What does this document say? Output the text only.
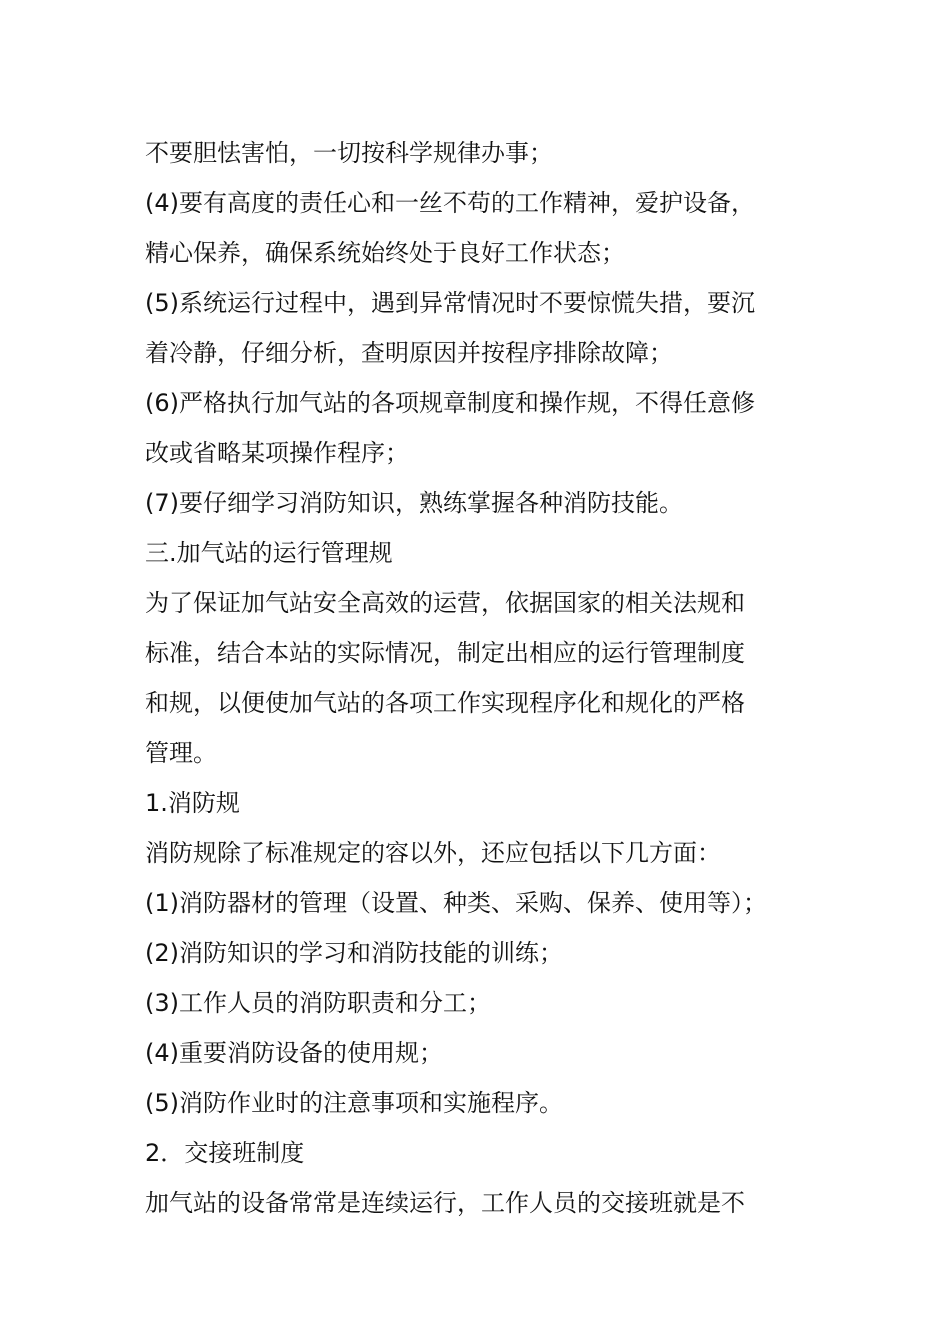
不要胆怯害怕，一切按科学规律办事；
(4)要有高度的责任心和一丝不苟的工作精神，爱护设备，
精心保养，确保系统始终处于良好工作状态；
(5)系统运行过程中，遇到异常情况时不要惊慌失措，要沉
着冷静，仔细分析，查明原因并按程序排除故障；
(6)严格执行加气站的各项规章制度和操作规，不得任意修
改或省略某项操作程序；
(7)要仔细学习消防知识，熟练掌握各种消防技能。
三.加气站的运行管理规
为了保证加气站安全高效的运营，依据国家的相关法规和
标准，结合本站的实际情况，制定出相应的运行管理制度
和规，以便使加气站的各项工作实现程序化和规化的严格
管理。
1.消防规
消防规除了标准规定的容以外，还应包括以下几方面：
(1)消防器材的管理（设置、种类、采购、保养、使用等）；
(2)消防知识的学习和消防技能的训练；
(3)工作人员的消防职责和分工；
(4)重要消防设备的使用规；
(5)消防作业时的注意事项和实施程序。
2．交接班制度
加气站的设备常常是连续运行，工作人员的交接班就是不
